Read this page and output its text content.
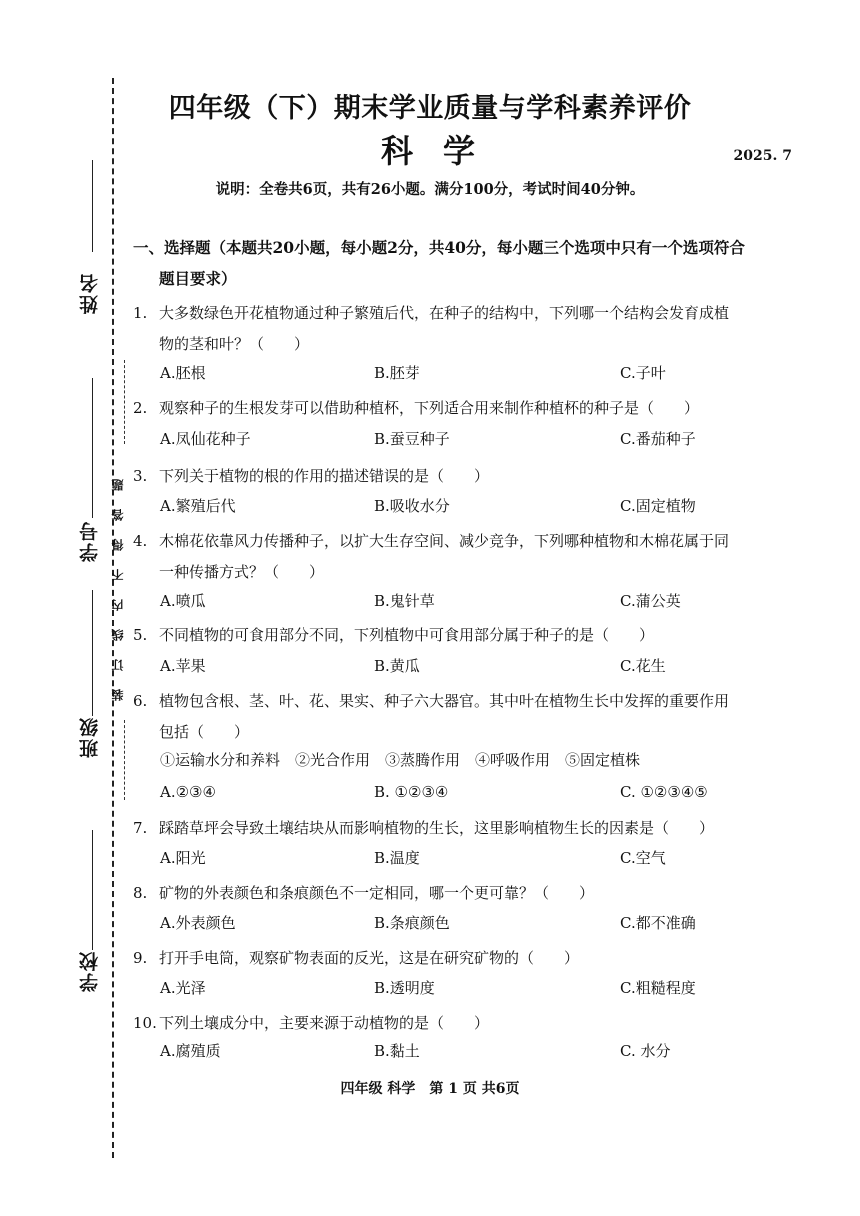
姓名
学号
班级
学校
装订线内不得答题
四年级（下）期末学业质量与学科素养评价
科学	2025. 7
说明：全卷共6页，共有26小题。满分100分，考试时间40分钟。
一、选择题（本题共20小题，每小题2分，共40分，每小题三个选项中只有一个选项符合
题目要求）
1. 大多数绿色开花植物通过种子繁殖后代，在种子的结构中，下列哪一个结构会发育成植
物的茎和叶？（　　）
A.胚根	B.胚芽	C.子叶
2. 观察种子的生根发芽可以借助种植杯，下列适合用来制作种植杯的种子是（　　）
A.凤仙花种子	B.蚕豆种子	C.番茄种子
3. 下列关于植物的根的作用的描述错误的是（　　）
A.繁殖后代	B.吸收水分	C.固定植物
4. 木棉花依靠风力传播种子，以扩大生存空间、减少竞争，下列哪种植物和木棉花属于同
一种传播方式？（　　）
A.喷瓜	B.鬼针草	C.蒲公英
5. 不同植物的可食用部分不同，下列植物中可食用部分属于种子的是（　　）
A.苹果	B.黄瓜	C.花生
6. 植物包含根、茎、叶、花、果实、种子六大器官。其中叶在植物生长中发挥的重要作用
包括（　　）
①运输水分和养料　②光合作用　③蒸腾作用　④呼吸作用　⑤固定植株
A.②③④	B. ①②③④	C. ①②③④⑤
7. 踩踏草坪会导致土壤结块从而影响植物的生长，这里影响植物生长的因素是（　　）
A.阳光	B.温度	C.空气
8. 矿物的外表颜色和条痕颜色不一定相同，哪一个更可靠？（　　）
A.外表颜色	B.条痕颜色	C.都不准确
9. 打开手电筒，观察矿物表面的反光，这是在研究矿物的（　　）
A.光泽	B.透明度	C.粗糙程度
10. 下列土壤成分中，主要来源于动植物的是（　　）
A.腐殖质	B.黏土	C. 水分
四年级 科学　第 1 页 共6页
